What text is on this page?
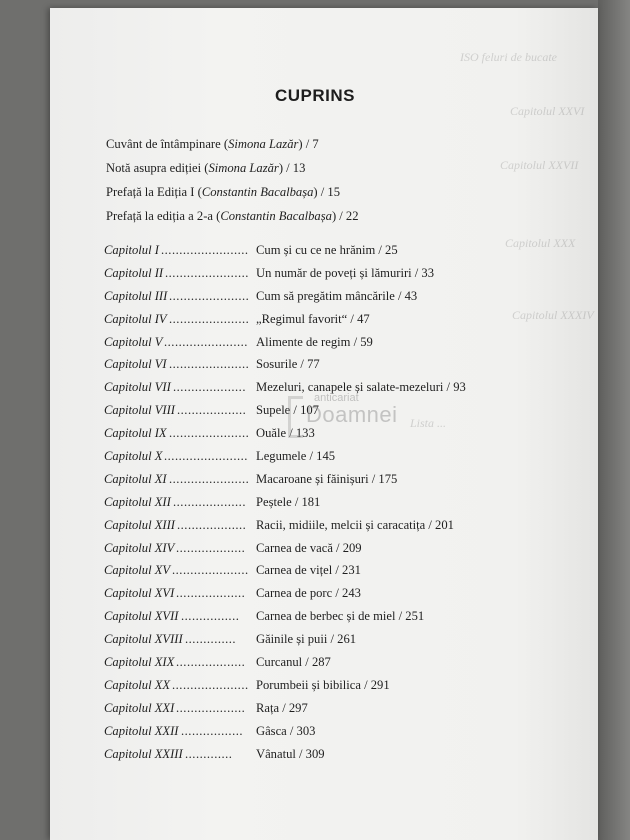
ISO feluri de bucate
Capitolul XXVI
Capitolul XXVII
Capitolul XXX
Capitolul XXXIV
Lista ...
CUPRINS
Cuvânt de întâmpinare (Simona Lazăr) / 7
Notă asupra ediției (Simona Lazăr) / 13
Prefață la Ediția I (Constantin Bacalbașa) / 15
Prefață la ediția a 2-a (Constantin Bacalbașa) / 22
Capitolul I ........................ Cum și cu ce ne hrănim / 25
Capitolul II ....................... Un număr de poveți și lămuriri / 33
Capitolul III ...................... Cum să pregătim mâncările / 43
Capitolul IV ...................... „Regimul favorit“ / 47
Capitolul V ....................... Alimente de regim / 59
Capitolul VI ...................... Sosurile / 77
Capitolul VII .................... Mezeluri, canapele și salate-mezeluri / 93
Capitolul VIII ................... Supele / 107
Capitolul IX ...................... Ouăle / 133
Capitolul X ....................... Legumele / 145
Capitolul XI ...................... Macaroane și făinișuri / 175
Capitolul XII .................... Peștele / 181
Capitolul XIII ................... Racii, midiile, melcii și caracatița / 201
Capitolul XIV ................... Carnea de vacă / 209
Capitolul XV ..................... Carnea de vițel / 231
Capitolul XVI ................... Carnea de porc / 243
Capitolul XVII ................ Carnea de berbec și de miel / 251
Capitolul XVIII .............. Găinile și puii / 261
Capitolul XIX ................... Curcanul / 287
Capitolul XX ..................... Porumbeii și bibilica / 291
Capitolul XXI ................... Rața / 297
Capitolul XXII ................. Gâsca / 303
Capitolul XXIII ............. Vânatul / 309
anticariat
Doamnei
